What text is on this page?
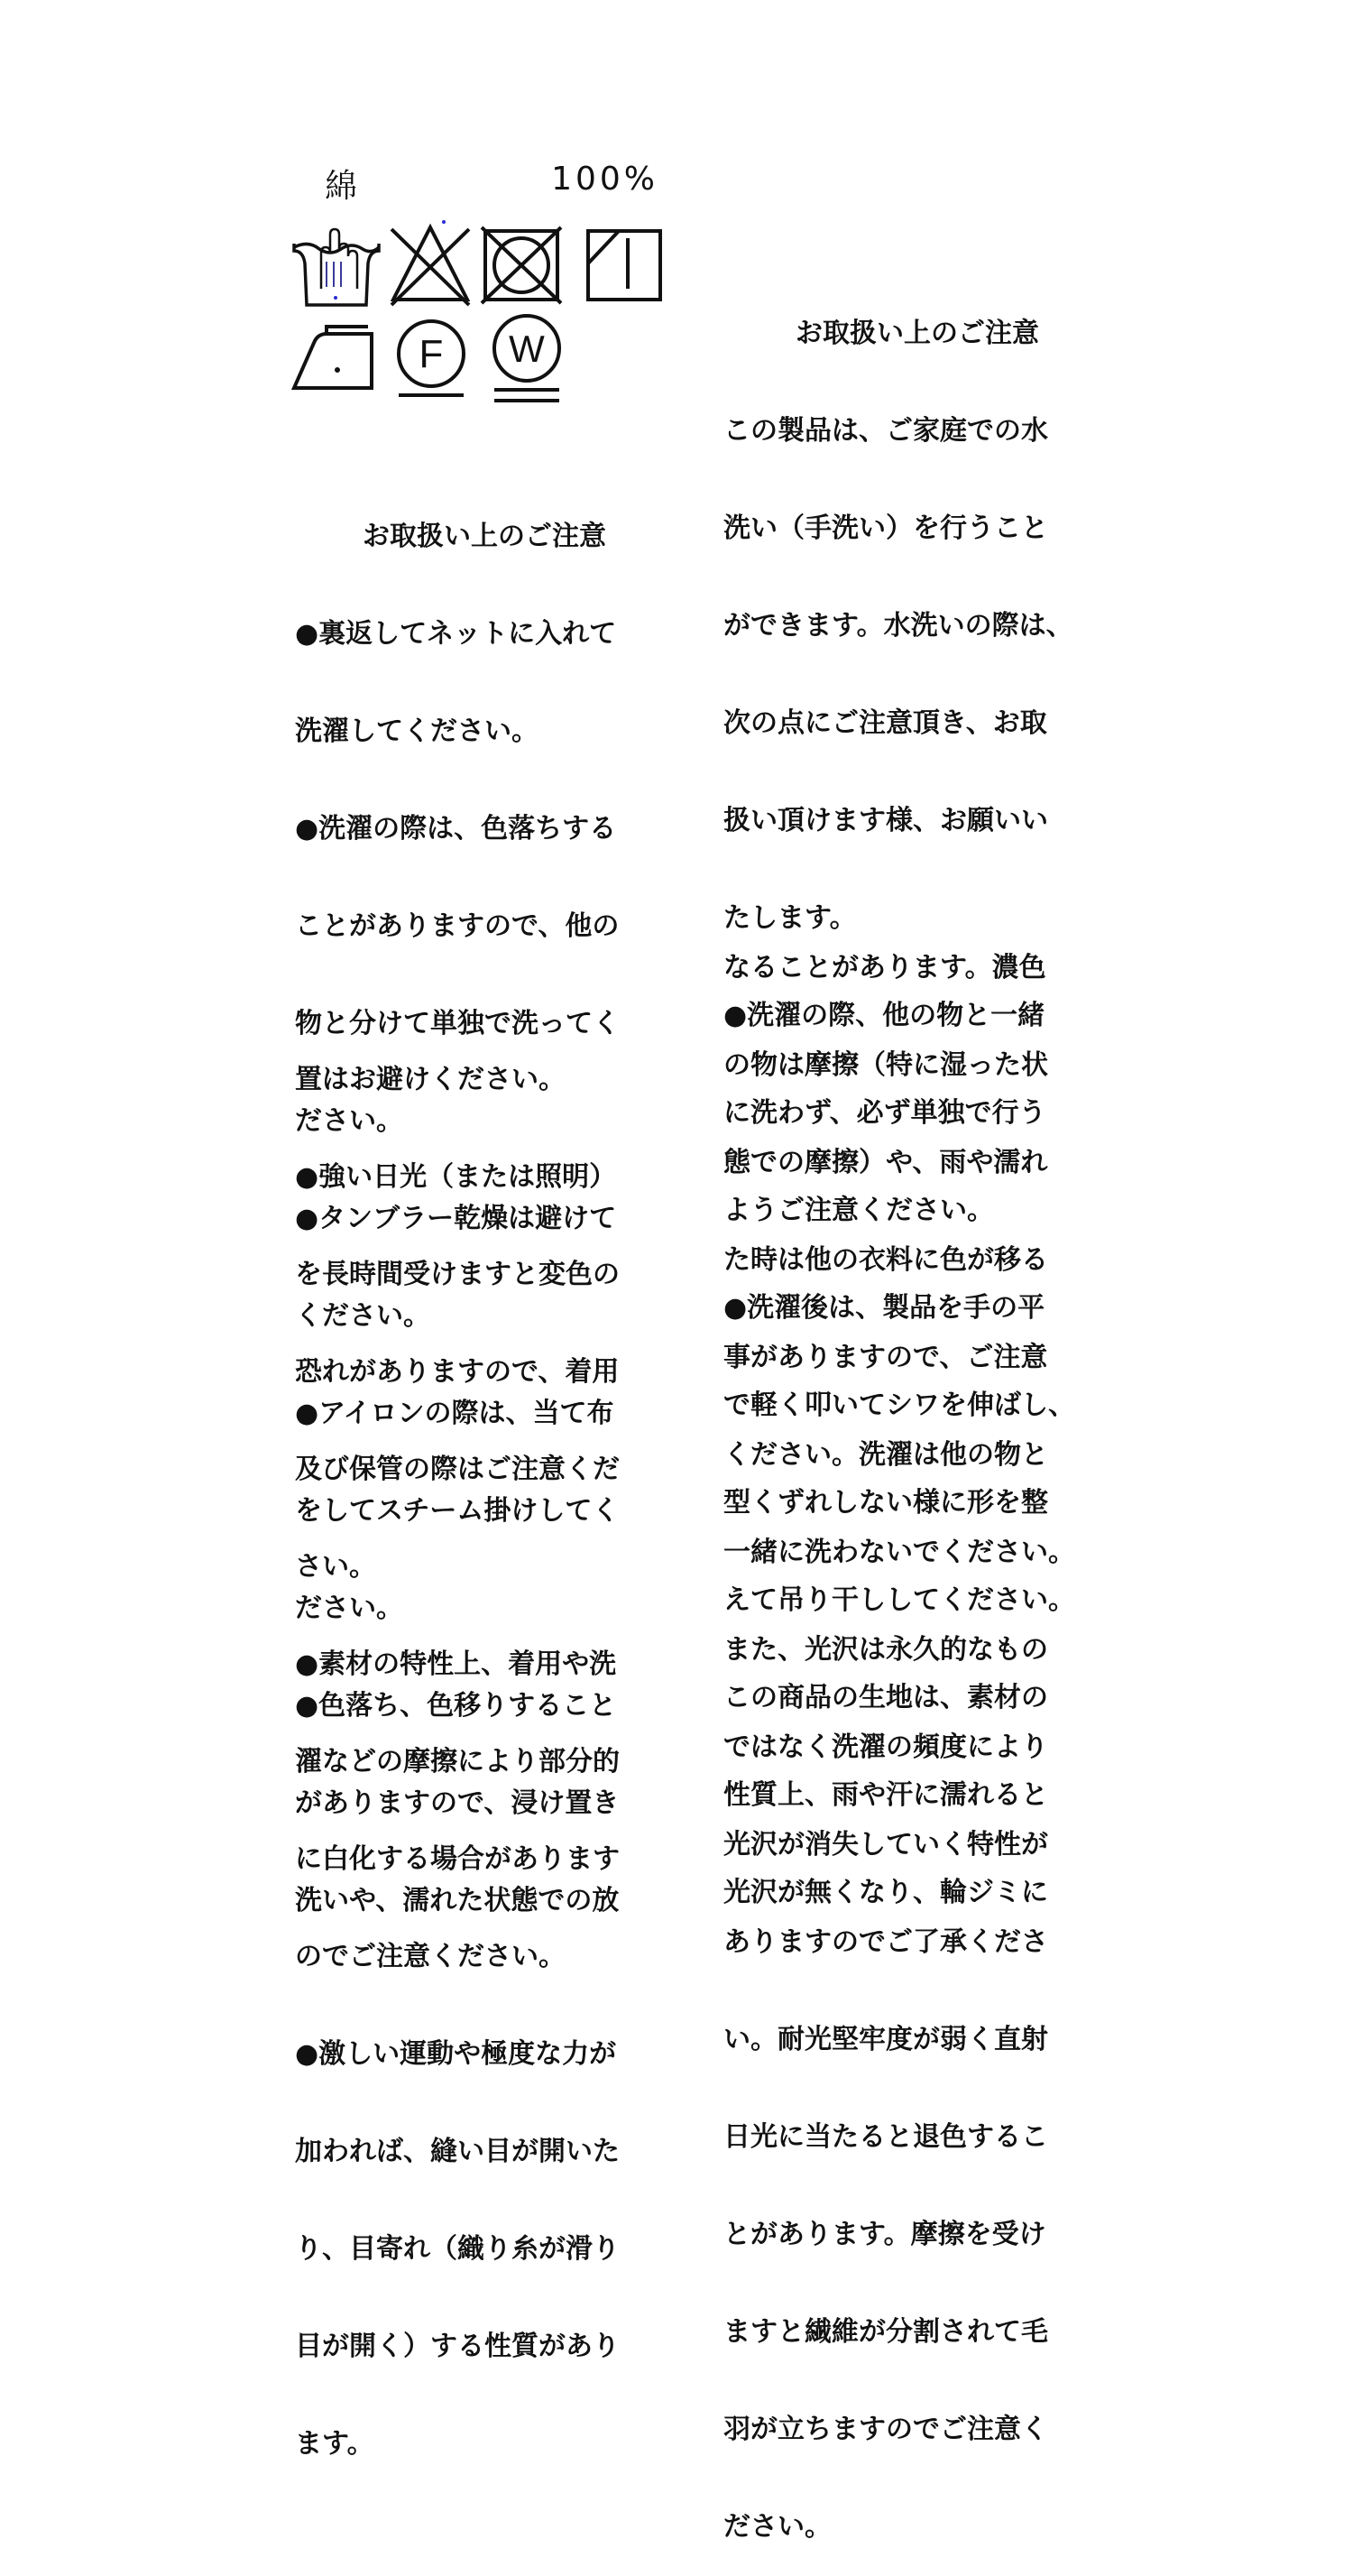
綿	100%
F W

お取扱い上のご注意

●裏返してネットに入れて

洗濯してください。

●洗濯の際は、色落ちする

ことがありますので、他の

物と分けて単独で洗ってく

ださい。

●タンブラー乾燥は避けて

ください。

●アイロンの際は、当て布

をしてスチーム掛けしてく

ださい。

●色落ち、色移りすること

がありますので、浸け置き

洗いや、濡れた状態での放

置はお避けください。

●強い日光（または照明）

を長時間受けますと変色の

恐れがありますので、着用

及び保管の際はご注意くだ

さい。

●素材の特性上、着用や洗

濯などの摩擦により部分的

に白化する場合があります

のでご注意ください。

●激しい運動や極度な力が

加われば、縫い目が開いた

り、目寄れ（織り糸が滑り

目が開く）する性質があり

ます。

お取扱い上のご注意

この製品は、ご家庭での水

洗い（手洗い）を行うこと

ができます。水洗いの際は、

次の点にご注意頂き、お取

扱い頂けます様、お願いい

たします。

●洗濯の際、他の物と一緒

に洗わず、必ず単独で行う

ようご注意ください。

●洗濯後は、製品を手の平

で軽く叩いてシワを伸ばし、

型くずれしない様に形を整

えて吊り干ししてください。

この商品の生地は、素材の

性質上、雨や汗に濡れると

光沢が無くなり、輪ジミに

なることがあります。濃色

の物は摩擦（特に湿った状

態での摩擦）や、雨や濡れ

た時は他の衣料に色が移る

事がありますので、ご注意

ください。洗濯は他の物と

一緒に洗わないでください。

また、光沢は永久的なもの

ではなく洗濯の頻度により

光沢が消失していく特性が

ありますのでご了承くださ

い。耐光堅牢度が弱く直射

日光に当たると退色するこ

とがあります。摩擦を受け

ますと繊維が分割されて毛

羽が立ちますのでご注意く

ださい。
